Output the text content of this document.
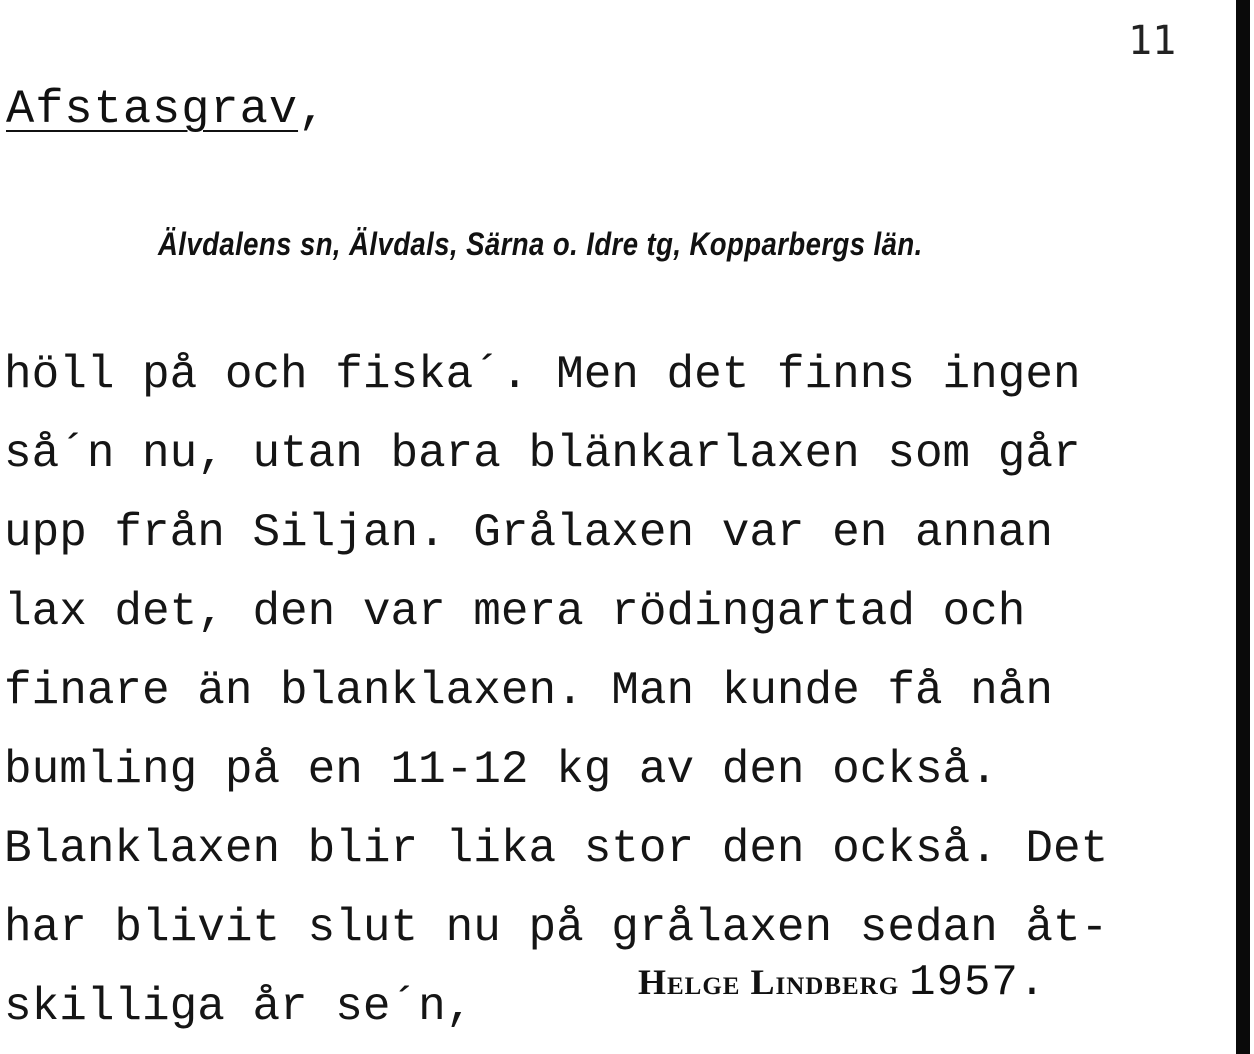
11
Afstasgrav,
Älvdalens sn, Älvdals, Särna o. Idre tg, Kopparbergs län.
höll på och fiska´. Men det finns ingen
så´n nu, utan bara blänkarlaxen som går
upp från Siljan. Grålaxen var en annan
lax det, den var mera rödingartad och
finare än blanklaxen. Man kunde få nån
bumling på en 11-12 kg av den också.
Blanklaxen blir lika stor den också. Det
har blivit slut nu på grålaxen sedan åt-
skilliga år se´n,	Helge Lindberg 1957.
